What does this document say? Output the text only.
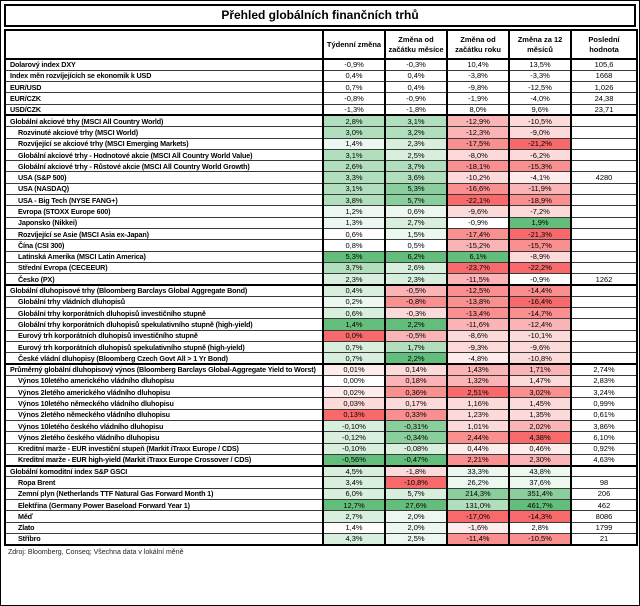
Přehled globálních finančních trhů
	Týdenní změna	Změna od začátku měsíce	Změna od začátku roku	Změna za 12 měsíců	Poslední hodnota
Dolarový index DXY	-0,9%	-0,3%	10,4%	13,5%	105,6
Index měn rozvíjejících se ekonomik k USD	0,4%	0,4%	-3,8%	-3,3%	1668
EUR/USD	0,7%	0,4%	-9,8%	-12,5%	1,026
EUR/CZK	-0,8%	-0,9%	-1,9%	-4,0%	24,38
USD/CZK	-1,3%	-1,8%	8,0%	9,6%	23,71
Globální akciové trhy (MSCI All Country World)	2,8%	3,1%	-12,9%	-10,5%	
Rozvinuté akciové trhy (MSCI World)	3,0%	3,2%	-12,3%	-9,0%	
Rozvíjející se akciové trhy (MSCI Emerging Markets)	1,4%	2,3%	-17,5%	-21,2%	
Globální akciové trhy - Hodnotové akcie (MSCI All Country World Value)	3,1%	2,5%	-8,0%	-6,2%	
Globální akciové trhy - Růstové akcie (MSCI All Country World Growth)	2,6%	3,7%	-18,1%	-15,3%	
USA (S&P 500)	3,3%	3,6%	-10,2%	-4,1%	4280
USA (NASDAQ)	3,1%	5,3%	-16,6%	-11,9%	
USA - Big Tech (NYSE FANG+)	3,8%	5,7%	-22,1%	-18,9%	
Evropa (STOXX Europe 600)	1,2%	0,6%	-9,6%	-7,2%	
Japonsko (Nikkei)	1,3%	2,7%	-0,9%	1,9%	
Rozvíjející se Asie (MSCI Asia ex-Japan)	0,6%	1,5%	-17,4%	-21,3%	
Čína (CSI 300)	0,8%	0,5%	-15,2%	-15,7%	
Latinská Amerika (MSCI Latin America)	5,3%	6,2%	6,1%	-8,9%	
Střední Evropa (CECEEUR)	3,7%	2,6%	-23,7%	-22,2%	
Česko (PX)	2,3%	2,3%	-11,5%	-0,9%	1262
Globální dluhopisové trhy (Bloomberg Barclays Global Aggregate Bond)	0,4%	-0,5%	-12,5%	-14,4%	
Globální trhy vládních dluhopisů	0,2%	-0,8%	-13,8%	-16,4%	
Globální trhy korporátních dluhopisů investičního stupně	0,6%	-0,3%	-13,4%	-14,7%	
Globální trhy korporátních dluhopisů spekulativního stupně (high-yield)	1,4%	2,2%	-11,6%	-12,4%	
Eurový trh korporátních dluhopisů investičního stupně	0,0%	-0,5%	-8,6%	-10,1%	
Eurový trh korporátních dluhopisů spekulativního stupně (high-yield)	0,7%	1,7%	-9,3%	-9,6%	
České vládní dluhopisy (Bloomberg Czech Govt All > 1 Yr Bond)	0,7%	2,2%	-4,8%	-10,8%	
Průměrný globální dluhopisový výnos (Bloomberg Barclays Global-Aggregate Yield to Worst)	0,01%	0,14%	1,43%	1,71%	2,74%
Výnos 10letého amerického vládního dluhopisu	0,00%	0,18%	1,32%	1,47%	2,83%
Výnos 2letého amerického vládního dluhopisu	0,02%	0,36%	2,51%	3,02%	3,24%
Výnos 10letého německého vládního dluhopisu	0,03%	0,17%	1,16%	1,45%	0,99%
Výnos 2letého německého vládního dluhopisu	0,13%	0,33%	1,23%	1,35%	0,61%
Výnos 10letého českého vládního dluhopisu	-0,10%	-0,31%	1,01%	2,02%	3,86%
Výnos 2letého českého vládního dluhopisu	-0,12%	-0,34%	2,44%	4,38%	6,10%
Kreditní marže - EUR investiční stupeň (Markit iTraxx Europe / CDS)	-0,10%	-0,08%	0,44%	0,46%	0,92%
Kreditní marže - EUR high-yield (Markit iTraxx Europe Crossover / CDS)	-0,56%	-0,47%	2,21%	2,30%	4,63%
Globální komoditní index S&P GSCI	4,5%	-1,8%	33,3%	43,8%	
Ropa Brent	3,4%	-10,8%	26,2%	37,6%	98
Zemní plyn (Netherlands TTF Natural Gas Forward Month 1)	6,0%	5,7%	214,3%	351,4%	206
Elektřina (Germany Power Baseload Forward Year 1)	12,7%	27,6%	131,0%	461,7%	462
Měď	2,7%	2,0%	-17,0%	-14,3%	8086
Zlato	1,4%	2,0%	-1,6%	2,8%	1799
Stříbro	4,3%	2,5%	-11,4%	-10,5%	21
Zdroj: Bloomberg, Conseq; Všechna data v lokální měně
